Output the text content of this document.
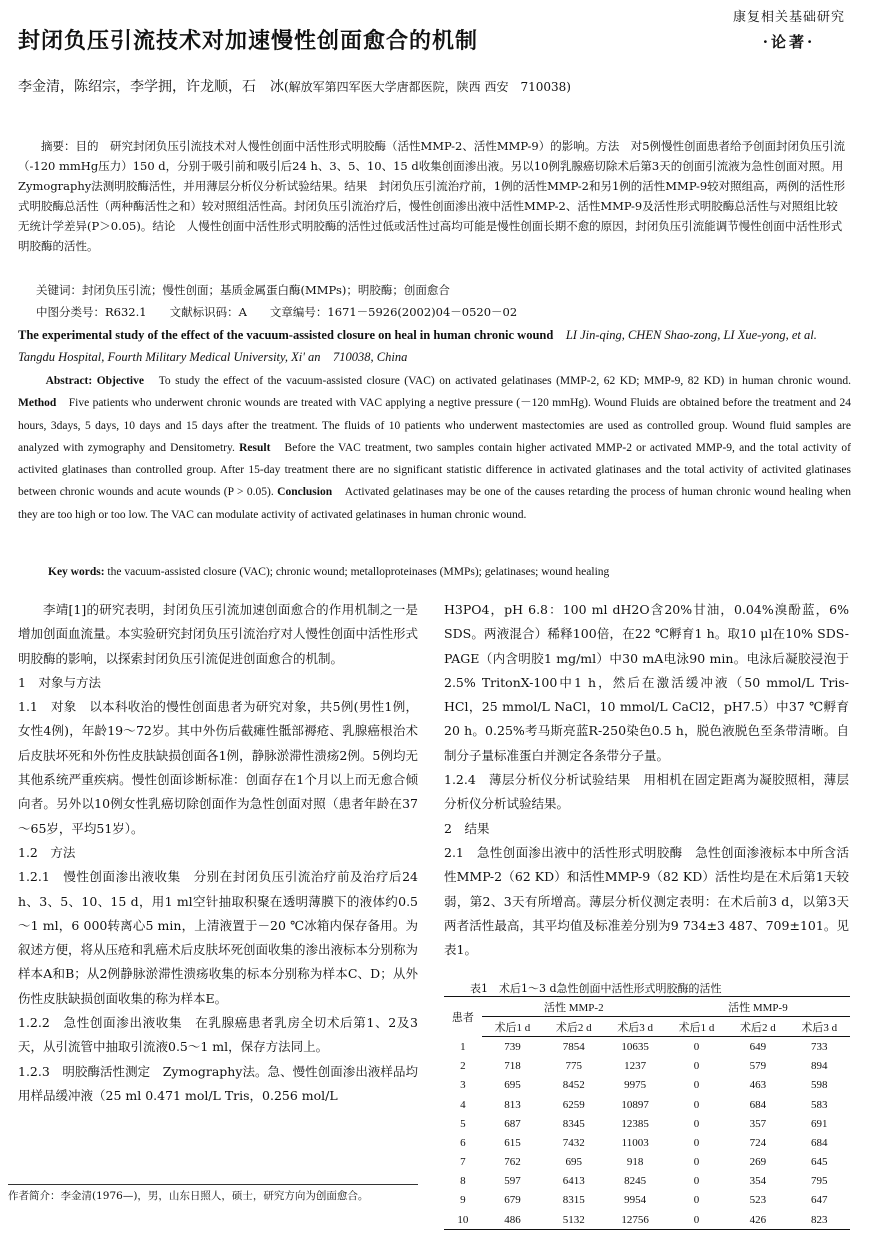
康复相关基础研究
·论著·
封闭负压引流技术对加速慢性创面愈合的机制
李金清，陈绍宗，李学拥，许龙顺，石　冰(解放军第四军医大学唐都医院，陕西 西安　710038)
摘要：目的　研究封闭负压引流技术对人慢性创面中活性形式明胶酶（活性MMP-2、活性MMP-9）的影响。方法　对5例慢性创面患者给予创面封闭负压引流（-120 mmHg压力）150 d，分别于吸引前和吸引后24 h、3、5、10、15 d收集创面渗出液。另以10例乳腺癌切除术后第3天的创面引流液为急性创面对照。用Zymography法测明胶酶活性，并用薄层分析仪分析试验结果。结果　封闭负压引流治疗前，1例的活性MMP-2和另1例的活性MMP-9较对照组高，两例的活性形式明胶酶总活性（两种酶活性之和）较对照组活性高。封闭负压引流治疗后，慢性创面渗出液中活性MMP-2、活性MMP-9及活性形式明胶酶总活性与对照组比较无统计学差异(P＞0.05)。结论　人慢性创面中活性形式明胶酶的活性过低或活性过高均可能是慢性创面长期不愈的原因，封闭负压引流能调节慢性创面中活性形式明胶酶的活性。
关键词：封闭负压引流；慢性创面；基质金属蛋白酶(MMPs)；明胶酶；创面愈合
中图分类号：R632.1　　文献标识码：A　　文章编号：1671－5926(2002)04－0520－02
The experimental study of the effect of the vacuum-assisted closure on heal in human chronic wound　 LI Jin-qing, CHEN Shao-zong, LI Xue-yong, et al. Tangdu Hospital, Fourth Military Medical University, Xi' an　710038, China
Abstract: Objective　 To study the effect of the vacuum-assisted closure (VAC) on activated gelatinases (MMP-2, 62 KD; MMP-9, 82 KD) in human chronic wound. Method　 Five patients who underwent chronic wounds are treated with VAC applying a negtive pressure (－120 mmHg). Wound Fluids are obtained before the treatment and 24 hours, 3days, 5 days, 10 days and 15 days after the treatment. The fluids of 10 patients who underwent mastectomies are used as controlled group. Wound fluid samples are analyzed with zymography and Densitometry. Result　 Before the VAC treatment, two samples contain higher activated MMP-2 or activated MMP-9, and the total activity of activited glatinases than controlled group. After 15-day treatment there are no significant statistic difference in activated glatinases and the total activity of activited glatinases between chronic wounds and acute wounds (P > 0.05). Conclusion　 Activated gelatinases may be one of the causes retarding the process of human chronic wound healing when they are too high or too low. The VAC can modulate activity of activated gelatinases in human chronic wound.
Key words: the vacuum-assisted closure (VAC); chronic wound; metalloproteinases (MMPs); gelatinases; wound healing

李靖[1]的研究表明，封闭负压引流加速创面愈合的作用机制之一是增加创面血流量。本实验研究封闭负压引流治疗对人慢性创面中活性形式明胶酶的影响，以探索封闭负压引流促进创面愈合的机制。

1　对象与方法

1.1　对象　以本科收治的慢性创面患者为研究对象，共5例(男性1例，女性4例)，年龄19～72岁。其中外伤后截瘫性骶部褥疮、乳腺癌根治术后皮肤坏死和外伤性皮肤缺损创面各1例，静脉淤滞性溃疡2例。5例均无其他系统严重疾病。慢性创面诊断标准：创面存在1个月以上而无愈合倾向者。另外以10例女性乳癌切除创面作为急性创面对照（患者年龄在37～65岁，平均51岁）。

1.2　方法

1.2.1　慢性创面渗出液收集　分别在封闭负压引流治疗前及治疗后24 h、3、5、10、15 d，用1 ml空针抽取积聚在透明薄膜下的液体约0.5～1 ml，6 000转离心5 min，上清液置于－20 ℃冰箱内保存备用。为叙述方便，将从压疮和乳癌术后皮肤坏死创面收集的渗出液标本分别称为样本A和B；从2例静脉淤滞性溃疡收集的标本分别称为样本C、D；从外伤性皮肤缺损创面收集的称为样本E。

1.2.2　急性创面渗出液收集　在乳腺癌患者乳房全切术后第1、2及3天，从引流管中抽取引流液0.5～1 ml，保存方法同上。

1.2.3　明胶酶活性测定　Zymography法。急、慢性创面渗出液样品均用样品缓冲液（25 ml 0.471 mol/L Tris，0.256 mol/L

作者简介：李金清(1976—)，男，山东日照人，硕士，研究方向为创面愈合。

H3PO4，pH 6.8：100 ml dH2O含20%甘油，0.04%溴酚蓝，6% SDS。两液混合）稀释100倍，在22 ℃孵育1 h。取10 μl在10% SDS-PAGE（内含明胶1 mg/ml）中30 mA电泳90 min。电泳后凝胶浸泡于2.5% TritonX-100中1 h，然后在激活缓冲液（50 mmol/L Tris-HCl，25 mmol/L NaCl，10 mmol/L CaCl2，pH7.5）中37 ℃孵育20 h。0.25%考马斯亮蓝R-250染色0.5 h，脱色液脱色至条带清晰。自制分子量标准蛋白并测定各条带分子量。

1.2.4　薄层分析仪分析试验结果　用相机在固定距离为凝胶照相，薄层分析仪分析试验结果。

2　结果

2.1　急性创面渗出液中的活性形式明胶酶　急性创面渗液标本中所含活性MMP-2（62 KD）和活性MMP-9（82 KD）活性均是在术后第1天较弱，第2、3天有所增高。薄层分析仪测定表明：在术后前3 d，以第3天两者活性最高，其平均值及标准差分别为9 734±3 487、709±101。见表1。

表1　术后1～3 d急性创面中活性形式明胶酶的活性
患者	活性 MMP-2			活性 MMP-9		
	术后1 d	术后2 d	术后3 d	术后1 d	术后2 d	术后3 d
1	739	7854	10635	0	649	733
2	718	775	1237	0	579	894
3	695	8452	9975	0	463	598
4	813	6259	10897	0	684	583
5	687	8345	12385	0	357	691
6	615	7432	11003	0	724	684
7	762	695	918	0	269	645
8	597	6413	8245	0	354	795
9	679	8315	9954	0	523	647
10	486	5132	12756	0	426	823
